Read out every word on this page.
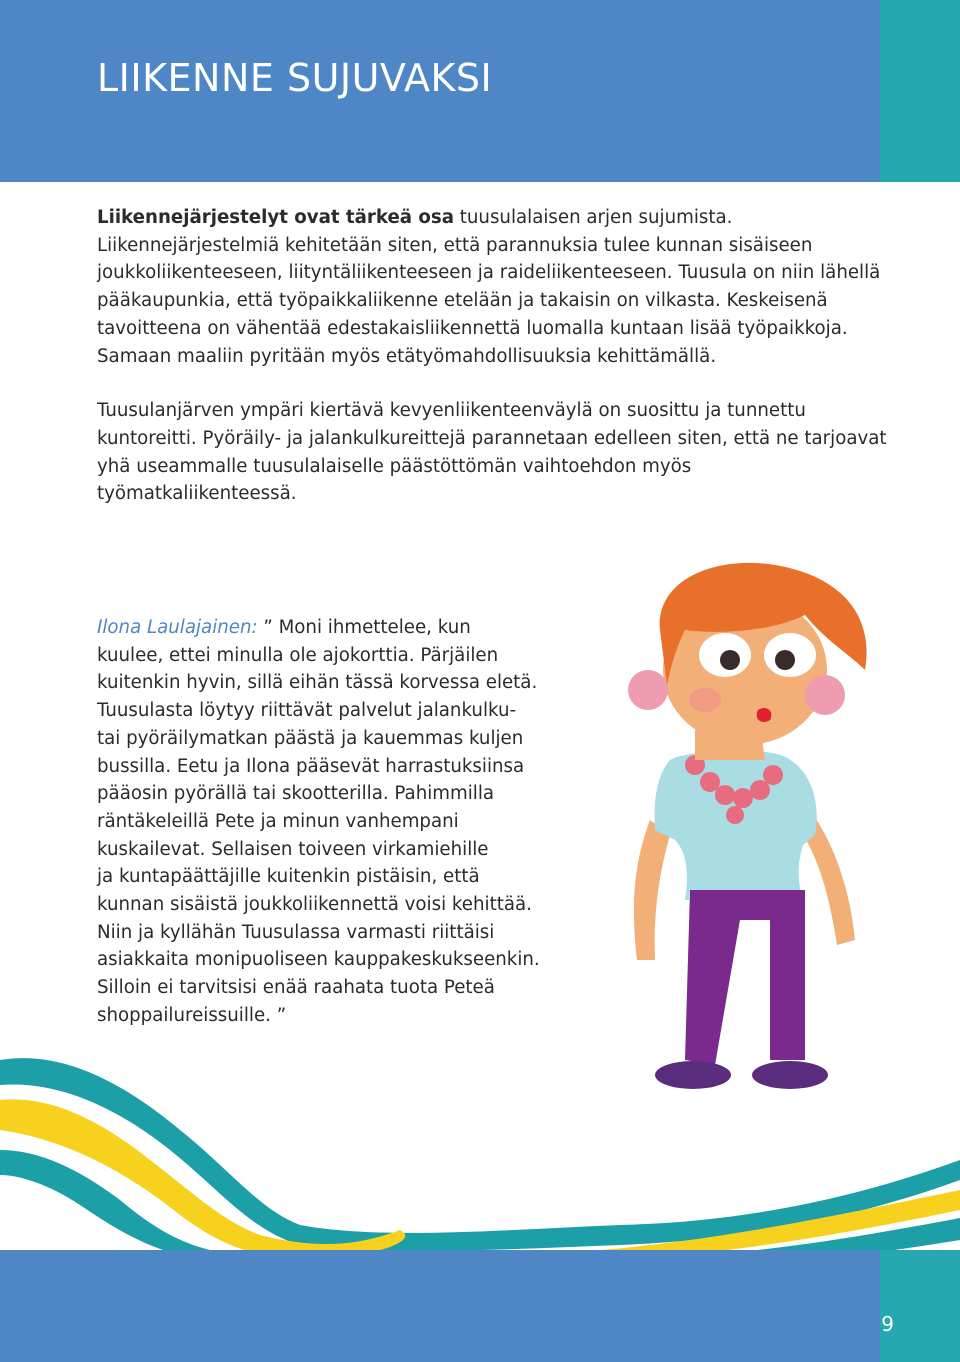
LIIKENNE SUJUVAKSI

Liikennejärjestelyt ovat tärkeä osa tuusulalaisen arjen sujumista. Liikennejärjestelmiä kehitetään siten, että parannuksia tulee kunnan sisäiseen joukkoliikenteeseen, liityntäliikenteeseen ja raideliikenteeseen. Tuusula on niin lähellä pääkaupunkia, että työpaikkaliikenne etelään ja takaisin on vilkasta. Keskeisenä tavoitteena on vähentää edestakaisliikennettä luomalla kuntaan lisää työpaikkoja. Samaan maaliin pyritään myös etätyömahdollisuuksia kehittämällä.

Tuusulanjärven ympäri kiertävä kevyenliikenteenväylä on suosittu ja tunnettu kuntoreitti. Pyöräily- ja jalankulkureittejä parannetaan edelleen siten, että ne tarjoavat yhä useammalle tuusulalaiselle päästöttömän vaihtoehdon myös työmatkaliikenteessä.

Ilona Laulajainen: ” Moni ihmettelee, kun
kuulee, ettei minulla ole ajokorttia. Pärjäilen
kuitenkin hyvin, sillä eihän tässä korvessa eletä.
Tuusulasta löytyy riittävät palvelut jalankulku-
tai pyöräilymatkan päästä ja kauemmas kuljen
bussilla. Eetu ja Ilona pääsevät harrastuksiinsa
pääosin pyörällä tai skootterilla. Pahimmilla
räntäkeleillä Pete ja minun vanhempani
kuskailevat. Sellaisen toiveen virkamiehille
ja kuntapäättäjille kuitenkin pistäisin, että
kunnan sisäistä joukkoliikennettä voisi kehittää.
Niin ja kyllähän Tuusulassa varmasti riittäisi
asiakkaita monipuoliseen kauppakeskukseenkin.
Silloin ei tarvitsisi enää raahata tuota Peteä
shoppailureissuille. ”
9
